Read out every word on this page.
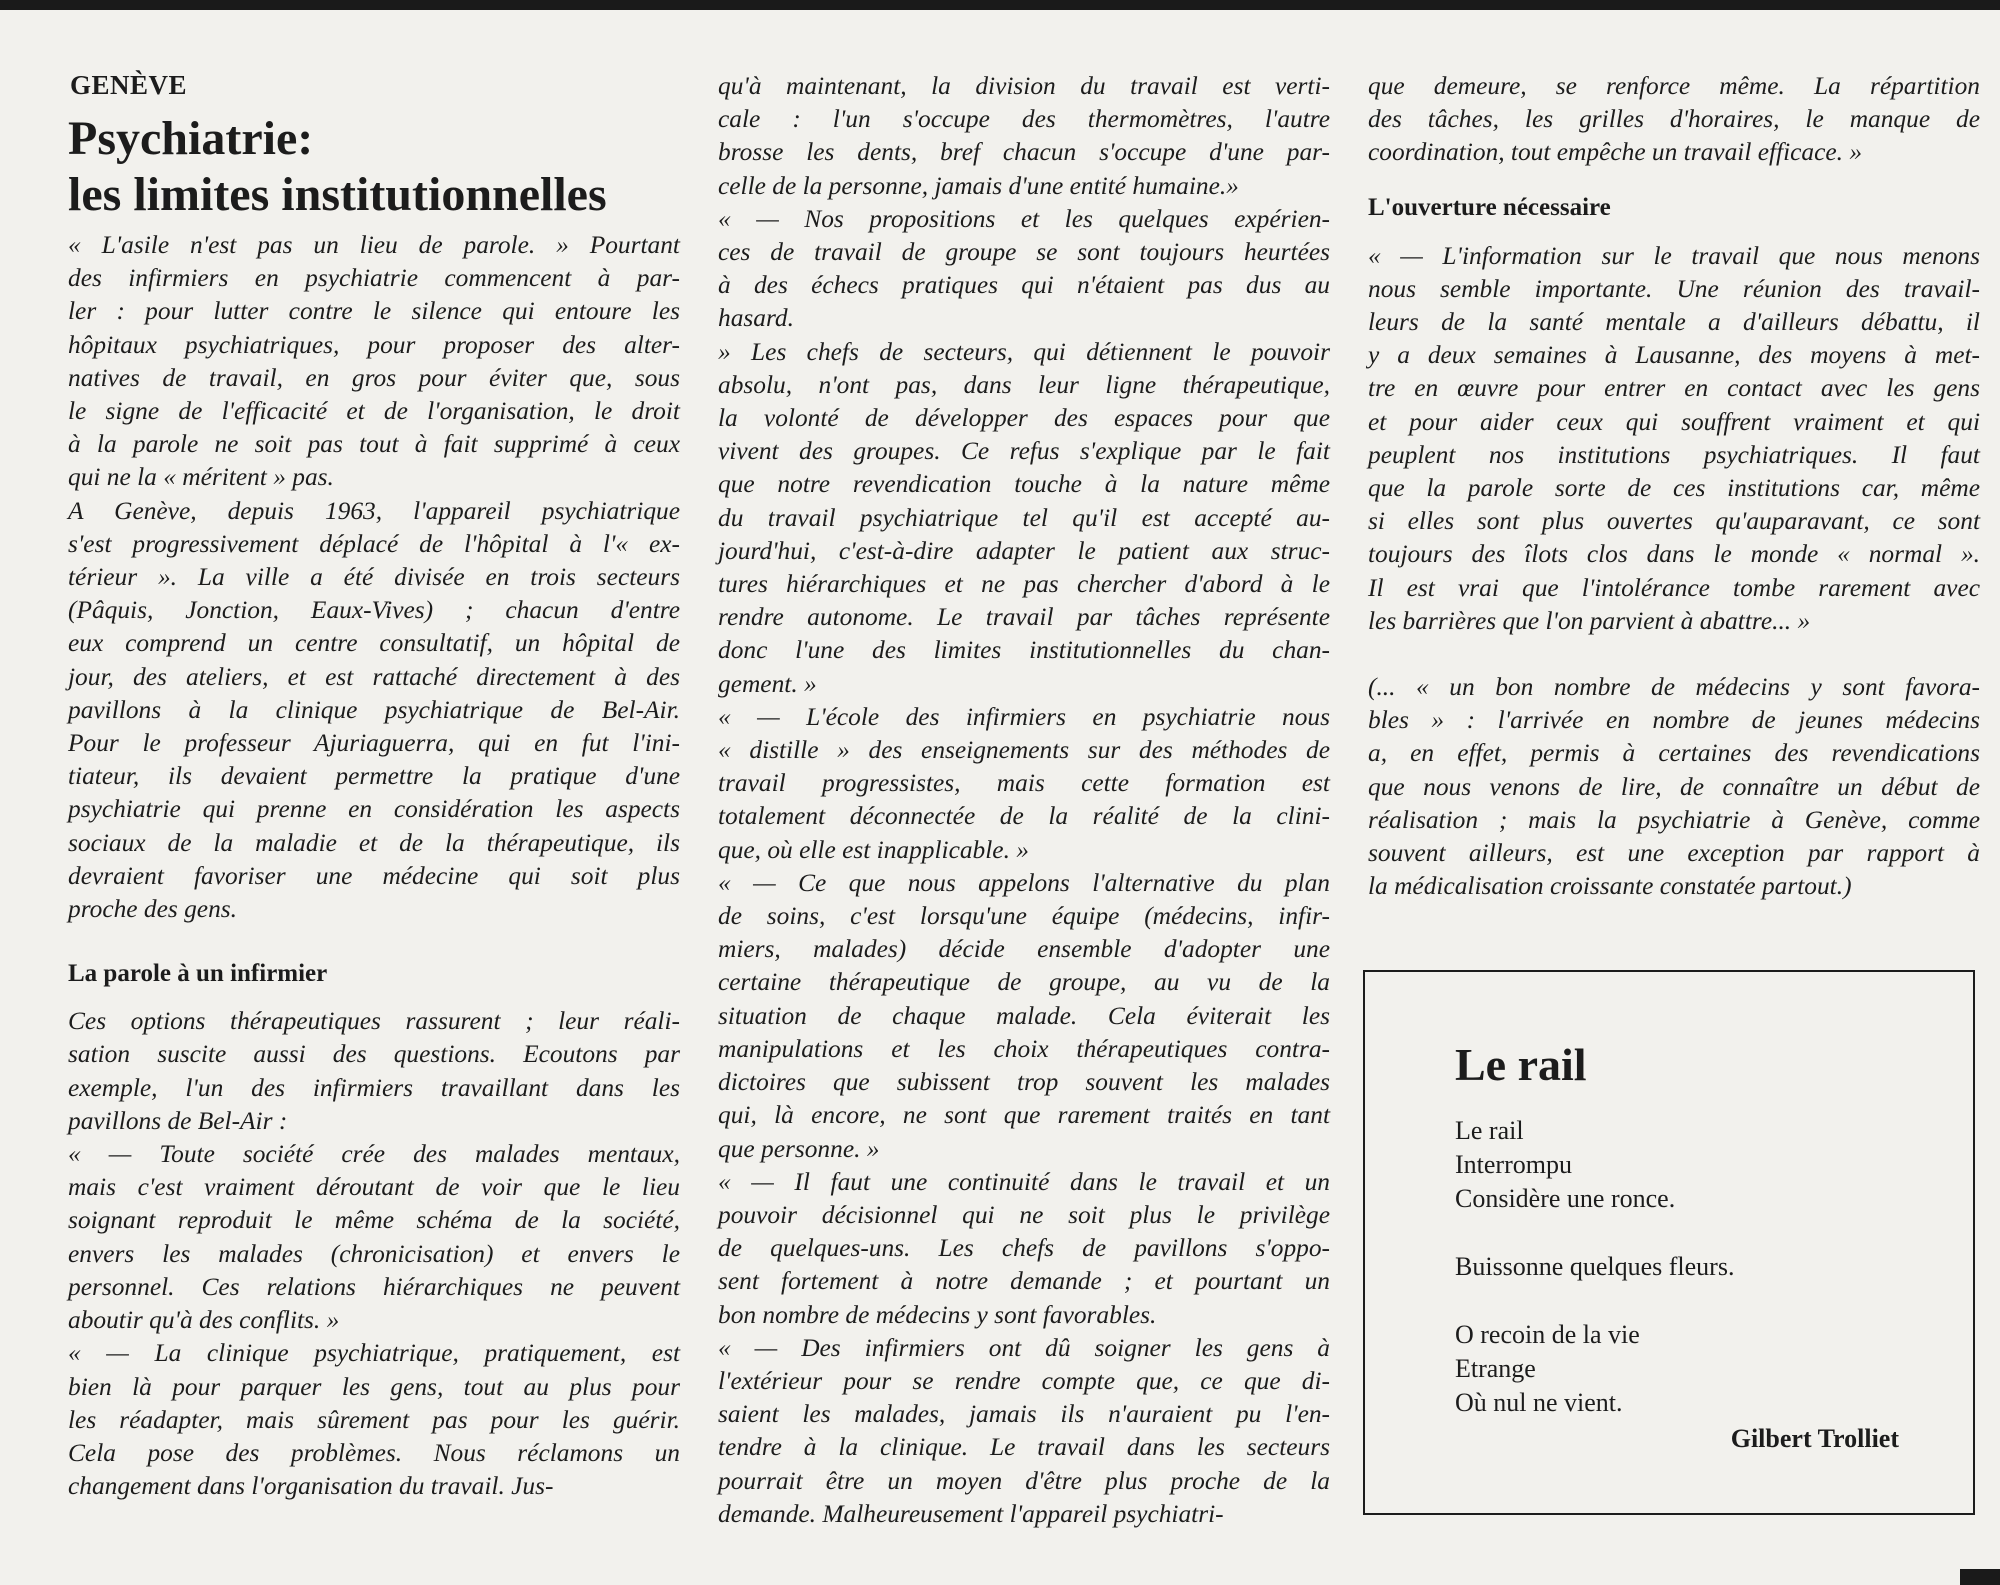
GENÈVE
Psychiatrie:
les limites institutionnelles
« L'asile n'est pas un lieu de parole. » Pourtant
des infirmiers en psychiatrie commencent à par-
ler : pour lutter contre le silence qui entoure les
hôpitaux psychiatriques, pour proposer des alter-
natives de travail, en gros pour éviter que, sous
le signe de l'efficacité et de l'organisation, le droit
à la parole ne soit pas tout à fait supprimé à ceux
qui ne la « méritent » pas.
A Genève, depuis 1963, l'appareil psychiatrique
s'est progressivement déplacé de l'hôpital à l'« ex-
térieur ». La ville a été divisée en trois secteurs
(Pâquis, Jonction, Eaux-Vives) ; chacun d'entre
eux comprend un centre consultatif, un hôpital de
jour, des ateliers, et est rattaché directement à des
pavillons à la clinique psychiatrique de Bel-Air.
Pour le professeur Ajuriaguerra, qui en fut l'ini-
tiateur, ils devaient permettre la pratique d'une
psychiatrie qui prenne en considération les aspects
sociaux de la maladie et de la thérapeutique, ils
devraient favoriser une médecine qui soit plus
proche des gens.
La parole à un infirmier
Ces options thérapeutiques rassurent ; leur réali-
sation suscite aussi des questions. Ecoutons par
exemple, l'un des infirmiers travaillant dans les
pavillons de Bel-Air :
« — Toute société crée des malades mentaux,
mais c'est vraiment déroutant de voir que le lieu
soignant reproduit le même schéma de la société,
envers les malades (chronicisation) et envers le
personnel. Ces relations hiérarchiques ne peuvent
aboutir qu'à des conflits. »
« — La clinique psychiatrique, pratiquement, est
bien là pour parquer les gens, tout au plus pour
les réadapter, mais sûrement pas pour les guérir.
Cela pose des problèmes. Nous réclamons un
changement dans l'organisation du travail. Jus-
qu'à maintenant, la division du travail est verti-
cale : l'un s'occupe des thermomètres, l'autre
brosse les dents, bref chacun s'occupe d'une par-
celle de la personne, jamais d'une entité humaine.»
« — Nos propositions et les quelques expérien-
ces de travail de groupe se sont toujours heurtées
à des échecs pratiques qui n'étaient pas dus au
hasard.
» Les chefs de secteurs, qui détiennent le pouvoir
absolu, n'ont pas, dans leur ligne thérapeutique,
la volonté de développer des espaces pour que
vivent des groupes. Ce refus s'explique par le fait
que notre revendication touche à la nature même
du travail psychiatrique tel qu'il est accepté au-
jourd'hui, c'est-à-dire adapter le patient aux struc-
tures hiérarchiques et ne pas chercher d'abord à le
rendre autonome. Le travail par tâches représente
donc l'une des limites institutionnelles du chan-
gement. »
« — L'école des infirmiers en psychiatrie nous
« distille » des enseignements sur des méthodes de
travail progressistes, mais cette formation est
totalement déconnectée de la réalité de la clini-
que, où elle est inapplicable. »
« — Ce que nous appelons l'alternative du plan
de soins, c'est lorsqu'une équipe (médecins, infir-
miers, malades) décide ensemble d'adopter une
certaine thérapeutique de groupe, au vu de la
situation de chaque malade. Cela éviterait les
manipulations et les choix thérapeutiques contra-
dictoires que subissent trop souvent les malades
qui, là encore, ne sont que rarement traités en tant
que personne. »
« — Il faut une continuité dans le travail et un
pouvoir décisionnel qui ne soit plus le privilège
de quelques-uns. Les chefs de pavillons s'oppo-
sent fortement à notre demande ; et pourtant un
bon nombre de médecins y sont favorables.
« — Des infirmiers ont dû soigner les gens à
l'extérieur pour se rendre compte que, ce que di-
saient les malades, jamais ils n'auraient pu l'en-
tendre à la clinique. Le travail dans les secteurs
pourrait être un moyen d'être plus proche de la
demande. Malheureusement l'appareil psychiatri-
que demeure, se renforce même. La répartition
des tâches, les grilles d'horaires, le manque de
coordination, tout empêche un travail efficace. »
L'ouverture nécessaire
« — L'information sur le travail que nous menons
nous semble importante. Une réunion des travail-
leurs de la santé mentale a d'ailleurs débattu, il
y a deux semaines à Lausanne, des moyens à met-
tre en œuvre pour entrer en contact avec les gens
et pour aider ceux qui souffrent vraiment et qui
peuplent nos institutions psychiatriques. Il faut
que la parole sorte de ces institutions car, même
si elles sont plus ouvertes qu'auparavant, ce sont
toujours des îlots clos dans le monde « normal ».
Il est vrai que l'intolérance tombe rarement avec
les barrières que l'on parvient à abattre... »
(... « un bon nombre de médecins y sont favora-
bles » : l'arrivée en nombre de jeunes médecins
a, en effet, permis à certaines des revendications
que nous venons de lire, de connaître un début de
réalisation ; mais la psychiatrie à Genève, comme
souvent ailleurs, est une exception par rapport à
la médicalisation croissante constatée partout.)
Le rail
Le rail
Interrompu
Considère une ronce.
Buissonne quelques fleurs.
O recoin de la vie
Etrange
Où nul ne vient.
Gilbert Trolliet
